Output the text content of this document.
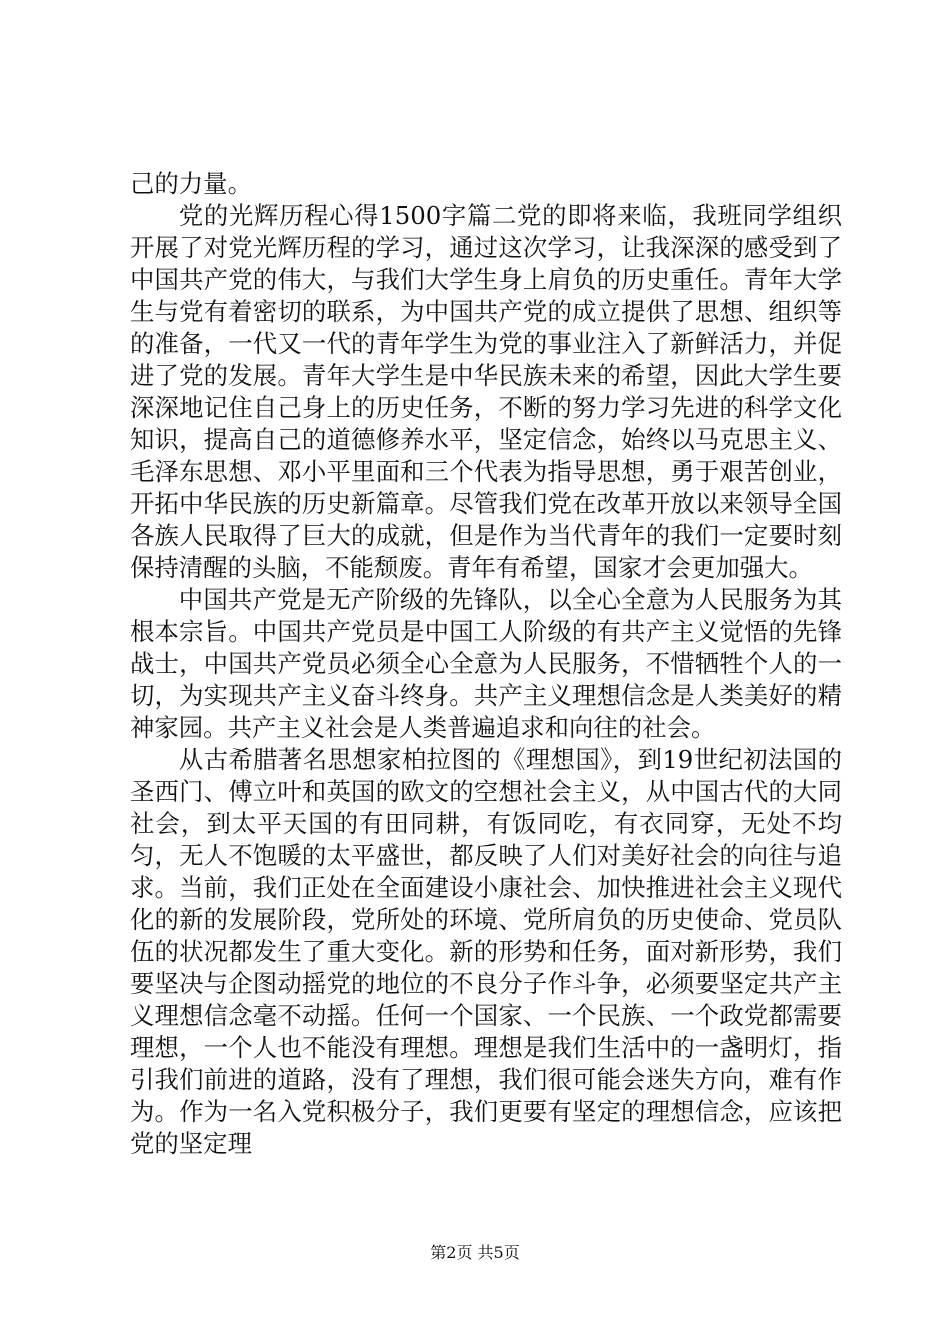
己的力量。

党的光辉历程心得1500字篇二党的即将来临，我班同学组织开展了对党光辉历程的学习，通过这次学习，让我深深的感受到了中国共产党的伟大，与我们大学生身上肩负的历史重任。青年大学生与党有着密切的联系，为中国共产党的成立提供了思想、组织等的准备，一代又一代的青年学生为党的事业注入了新鲜活力，并促进了党的发展。青年大学生是中华民族未来的希望，因此大学生要深深地记住自己身上的历史任务，不断的努力学习先进的科学文化知识，提高自己的道德修养水平，坚定信念，始终以马克思主义、毛泽东思想、邓小平里面和三个代表为指导思想，勇于艰苦创业，开拓中华民族的历史新篇章。尽管我们党在改革开放以来领导全国各族人民取得了巨大的成就，但是作为当代青年的我们一定要时刻保持清醒的头脑，不能颓废。青年有希望，国家才会更加强大。

中国共产党是无产阶级的先锋队，以全心全意为人民服务为其根本宗旨。中国共产党员是中国工人阶级的有共产主义觉悟的先锋战士，中国共产党员必须全心全意为人民服务，不惜牺牲个人的一切，为实现共产主义奋斗终身。共产主义理想信念是人类美好的精神家园。共产主义社会是人类普遍追求和向往的社会。

从古希腊著名思想家柏拉图的《理想国》，到19世纪初法国的圣西门、傅立叶和英国的欧文的空想社会主义，从中国古代的大同社会，到太平天国的有田同耕，有饭同吃，有衣同穿，无处不均匀，无人不饱暖的太平盛世，都反映了人们对美好社会的向往与追求。当前，我们正处在全面建设小康社会、加快推进社会主义现代化的新的发展阶段，党所处的环境、党所肩负的历史使命、党员队伍的状况都发生了重大变化。新的形势和任务，面对新形势，我们要坚决与企图动摇党的地位的不良分子作斗争，必须要坚定共产主义理想信念毫不动摇。任何一个国家、一个民族、一个政党都需要理想，一个人也不能没有理想。理想是我们生活中的一盏明灯，指引我们前进的道路，没有了理想，我们很可能会迷失方向，难有作为。作为一名入党积极分子，我们更要有坚定的理想信念，应该把党的坚定理

第2页 共5页
